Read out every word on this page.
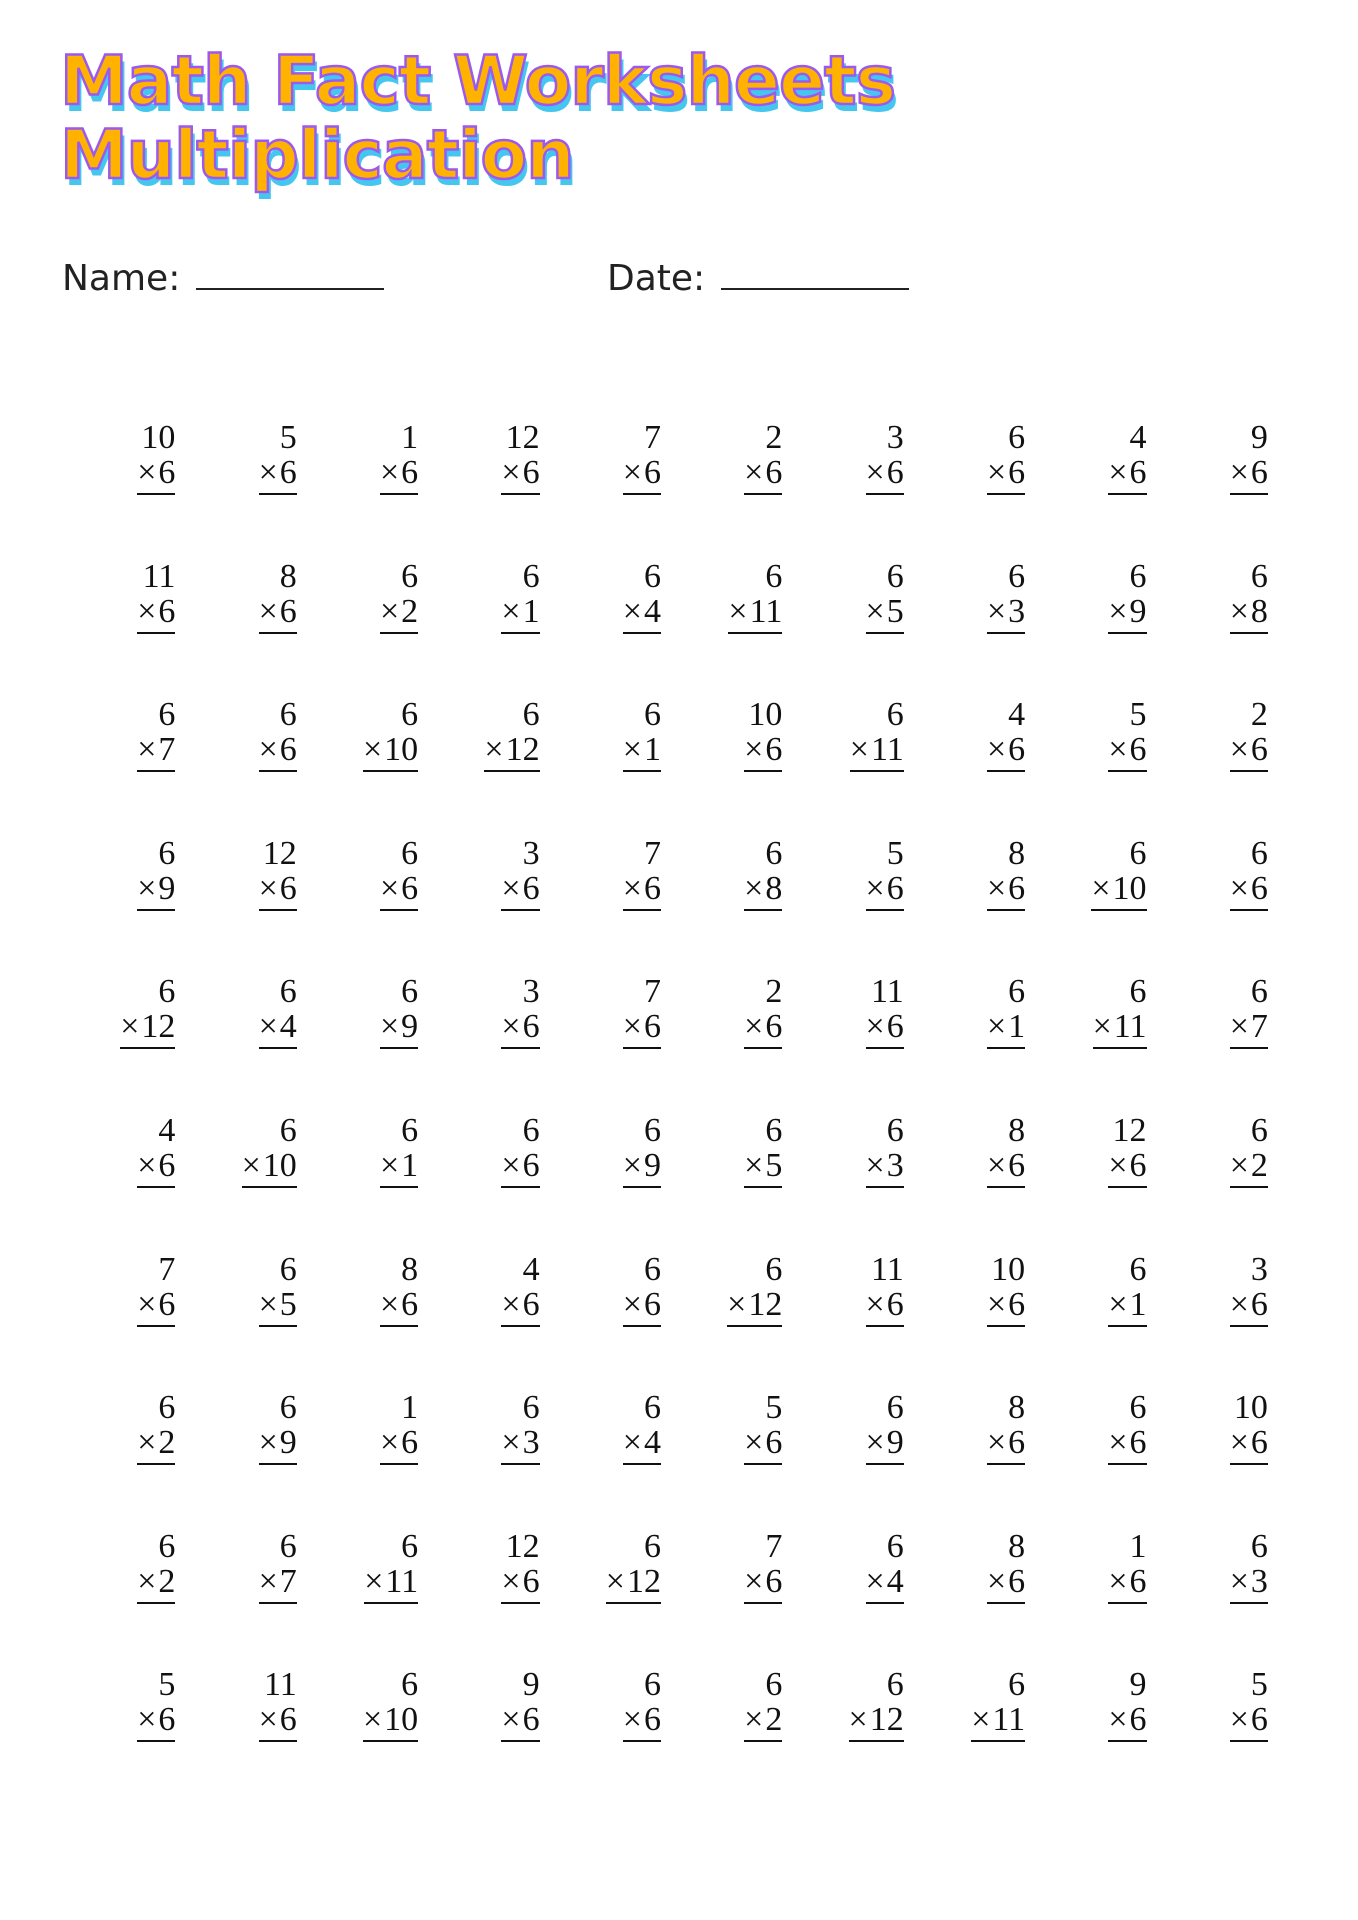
Math Fact Worksheets
Multiplication
Name:	Date:
10
×6
5
×6
1
×6
12
×6
7
×6
2
×6
3
×6
6
×6
4
×6
9
×6
11
×6
8
×6
6
×2
6
×1
6
×4
6
×11
6
×5
6
×3
6
×9
6
×8
6
×7
6
×6
6
×10
6
×12
6
×1
10
×6
6
×11
4
×6
5
×6
2
×6
6
×9
12
×6
6
×6
3
×6
7
×6
6
×8
5
×6
8
×6
6
×10
6
×6
6
×12
6
×4
6
×9
3
×6
7
×6
2
×6
11
×6
6
×1
6
×11
6
×7
4
×6
6
×10
6
×1
6
×6
6
×9
6
×5
6
×3
8
×6
12
×6
6
×2
7
×6
6
×5
8
×6
4
×6
6
×6
6
×12
11
×6
10
×6
6
×1
3
×6
6
×2
6
×9
1
×6
6
×3
6
×4
5
×6
6
×9
8
×6
6
×6
10
×6
6
×2
6
×7
6
×11
12
×6
6
×12
7
×6
6
×4
8
×6
1
×6
6
×3
5
×6
11
×6
6
×10
9
×6
6
×6
6
×2
6
×12
6
×11
9
×6
5
×6
